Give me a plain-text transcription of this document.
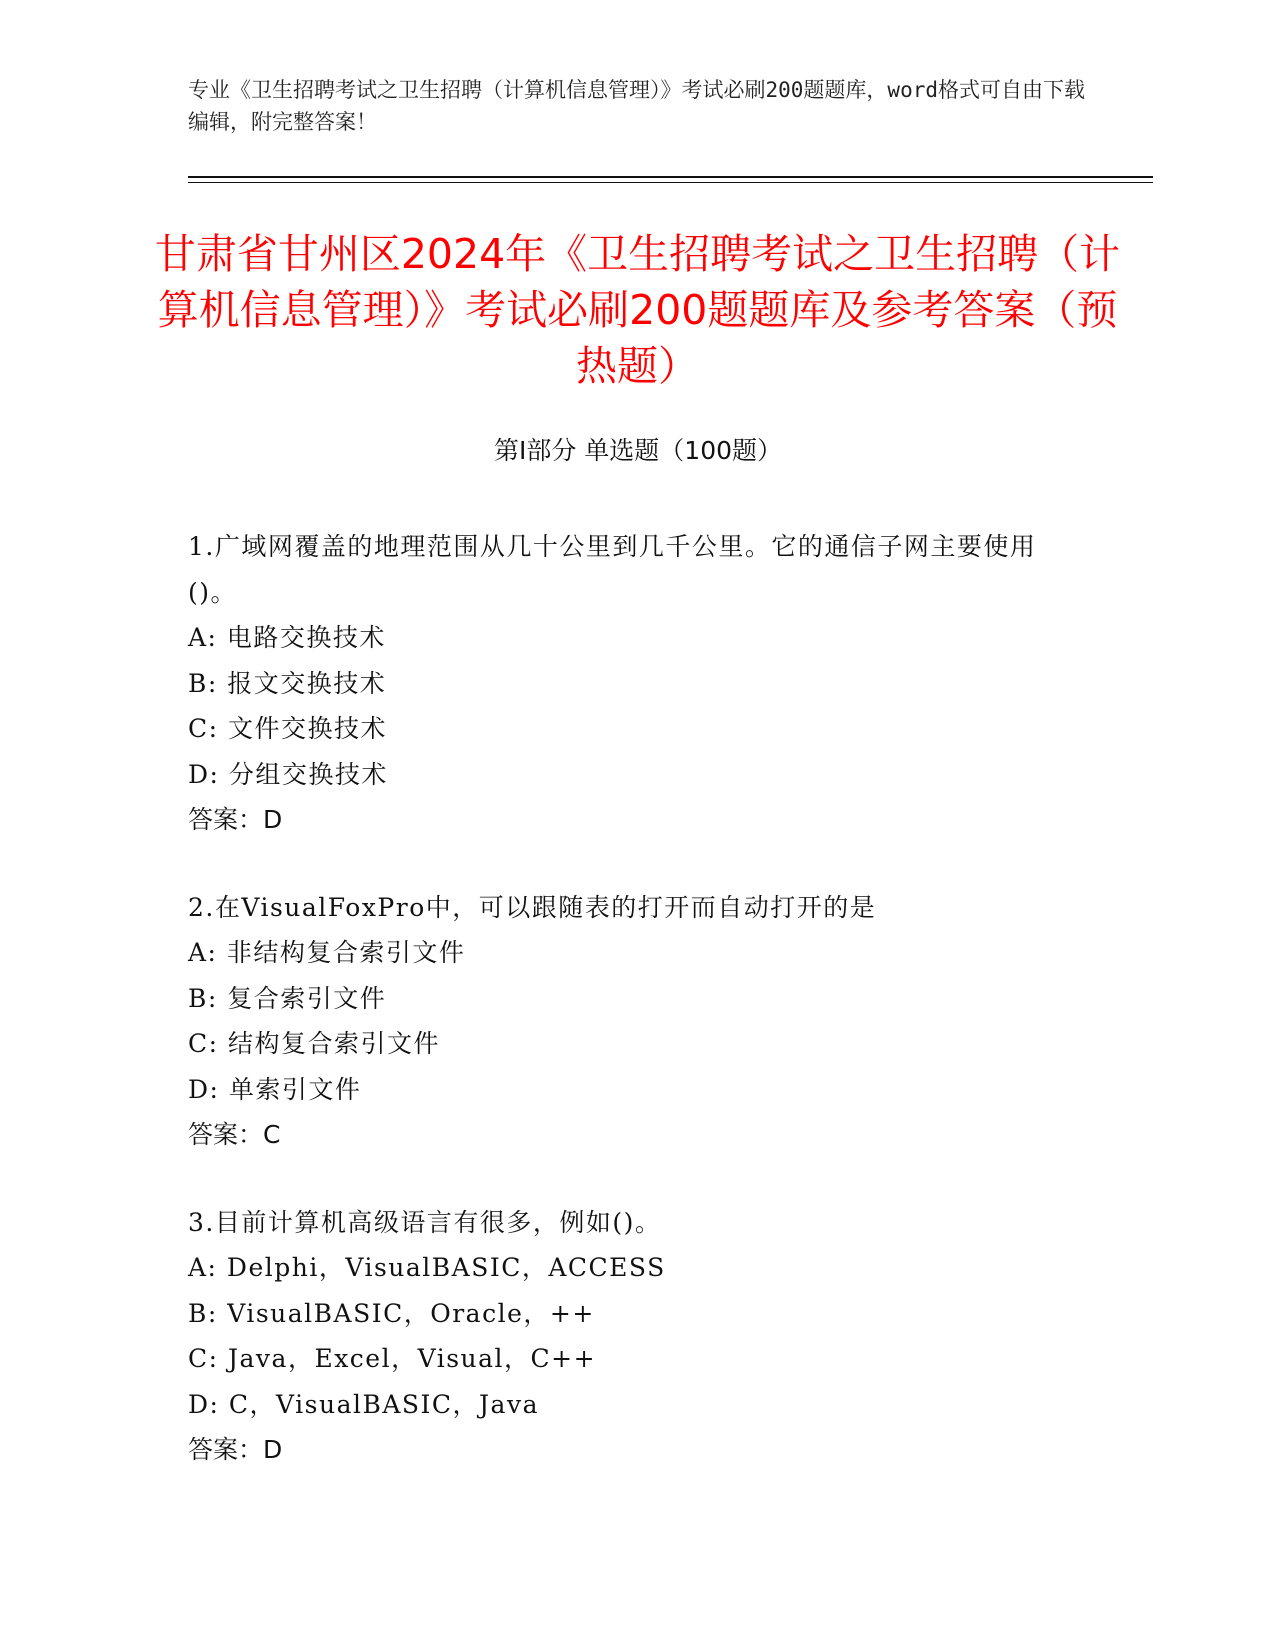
专业《卫生招聘考试之卫生招聘（计算机信息管理）》考试必刷200题题库，word格式可自由下载编辑，附完整答案！
甘肃省甘州区2024年《卫生招聘考试之卫生招聘（计算机信息管理）》考试必刷200题题库及参考答案（预热题）
第Ⅰ部分 单选题（100题）
1.广域网覆盖的地理范围从几十公里到几千公里。它的通信子网主要使用()。
A: 电路交换技术
B: 报文交换技术
C: 文件交换技术
D: 分组交换技术
答案：D
2.在VisualFoxPro中，可以跟随表的打开而自动打开的是
A: 非结构复合索引文件
B: 复合索引文件
C: 结构复合索引文件
D: 单索引文件
答案：C
3.目前计算机高级语言有很多，例如()。
A: Delphi，VisualBASIC，ACCESS
B: VisualBASIC，Oracle，++
C: Java，Excel，Visual，C++
D: C，VisualBASIC，Java
答案：D
